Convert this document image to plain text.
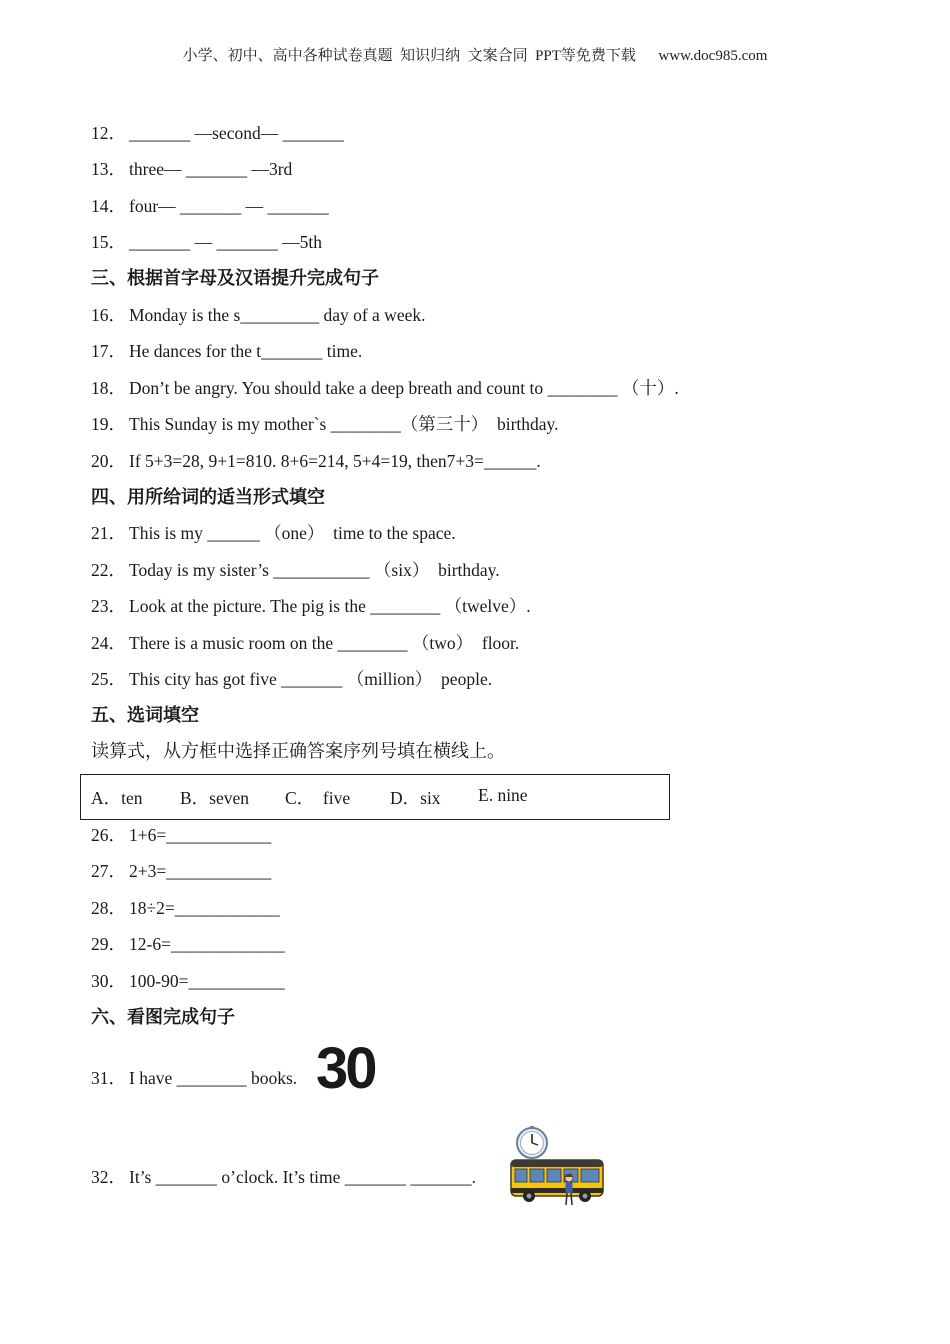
小学、初中、高中各种试卷真题  知识归纳  文案合同  PPT等免费下载      www.doc985.com
12． _______ —second— _______
13． three— _______ —3rd
14． four— _______ — _______
15． _______ — _______ —5th
三、根据首字母及汉语提升完成句子
16． Monday is the s_________ day of a week.
17． He dances for the t_______ time.
18． Don’t be angry. You should take a deep breath and count to ________ （十）.
19． This Sunday is my mother`s ________（第三十）  birthday.
20． If 5+3=28, 9+1=810. 8+6=214, 5+4=19, then7+3=______.
四、用所给词的适当形式填空
21． This is my ______ （one）  time to the space.
22． Today is my sister’s ___________ （six）  birthday.
23． Look at the picture. The pig is the ________ （twelve）.
24． There is a music room on the ________ （two）  floor.
25． This city has got five _______ （million）  people.
五、选词填空
读算式，从方框中选择正确答案序列号填在横线上。
A．ten B．seven C．  five D．six E. nine
26． 1+6=____________
27． 2+3=____________
28． 18÷2=____________
29． 12-6=_____________
30． 100-90=___________
六、看图完成句子
31． I have ________ books. 30
32． It’s _______ o’clock. It’s time _______ _______.
